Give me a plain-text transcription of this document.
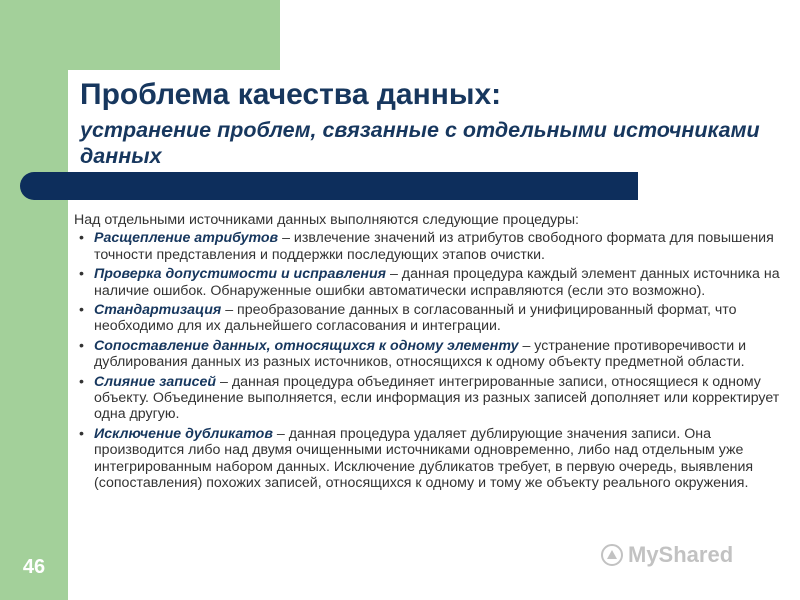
Проблема качества данных:
устранение проблем, связанные с отдельными источниками данных

Над отдельными источниками данных выполняются следующие процедуры:

• Расщепление атрибутов – извлечение значений из атрибутов свободного формата для повышения точности представления и поддержки последующих этапов очистки.
• Проверка допустимости и исправления – данная процедура каждый элемент данных источника на наличие ошибок. Обнаруженные ошибки автоматически исправляются (если это возможно).
• Стандартизация – преобразование данных в согласованный и унифицированный формат, что необходимо для их дальнейшего согласования и интеграции.
• Сопоставление данных, относящихся к одному элементу – устранение противоречивости и дублирования данных из разных источников, относящихся к одному объекту предметной области.
• Слияние записей – данная процедура объединяет интегрированные записи, относящиеся к одному объекту. Объединение выполняется, если информация из разных записей дополняет или корректирует одна другую.
• Исключение дубликатов – данная процедура удаляет дублирующие значения записи. Она производится либо над двумя очищенными источниками одновременно, либо над отдельным уже интегрированным набором данных. Исключение дубликатов требует, в первую очередь, выявления (сопоставления) похожих записей, относящихся к одному и тому же объекту реального окружения.
46	MyShared
